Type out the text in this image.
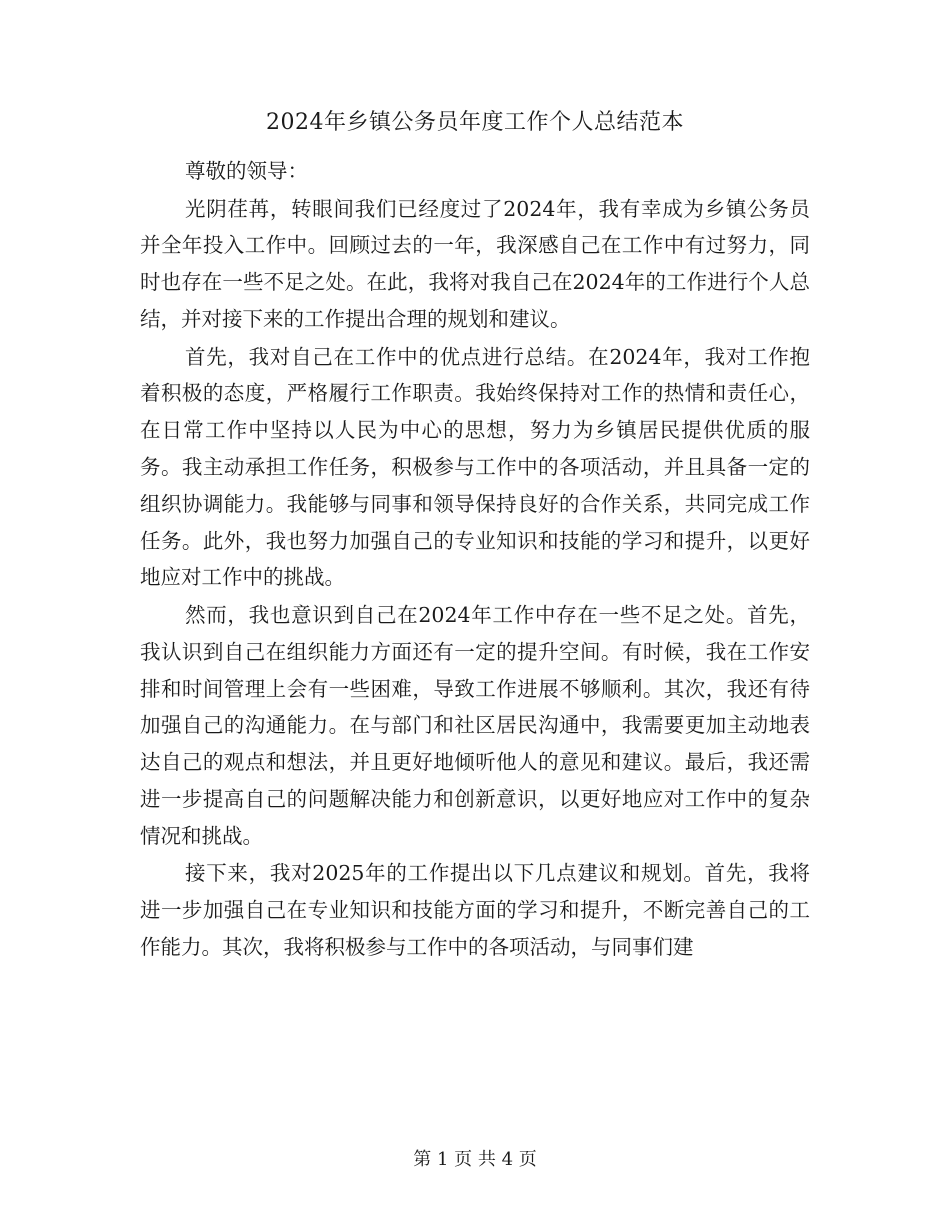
2024年乡镇公务员年度工作个人总结范本

尊敬的领导：

光阴荏苒，转眼间我们已经度过了2024年，我有幸成为乡镇公务员并全年投入工作中。回顾过去的一年，我深感自己在工作中有过努力，同时也存在一些不足之处。在此，我将对我自己在2024年的工作进行个人总结，并对接下来的工作提出合理的规划和建议。

首先，我对自己在工作中的优点进行总结。在2024年，我对工作抱着积极的态度，严格履行工作职责。我始终保持对工作的热情和责任心，在日常工作中坚持以人民为中心的思想，努力为乡镇居民提供优质的服务。我主动承担工作任务，积极参与工作中的各项活动，并且具备一定的组织协调能力。我能够与同事和领导保持良好的合作关系，共同完成工作任务。此外，我也努力加强自己的专业知识和技能的学习和提升，以更好地应对工作中的挑战。

然而，我也意识到自己在2024年工作中存在一些不足之处。首先，我认识到自己在组织能力方面还有一定的提升空间。有时候，我在工作安排和时间管理上会有一些困难，导致工作进展不够顺利。其次，我还有待加强自己的沟通能力。在与部门和社区居民沟通中，我需要更加主动地表达自己的观点和想法，并且更好地倾听他人的意见和建议。最后，我还需进一步提高自己的问题解决能力和创新意识，以更好地应对工作中的复杂情况和挑战。

接下来，我对2025年的工作提出以下几点建议和规划。首先，我将进一步加强自己在专业知识和技能方面的学习和提升，不断完善自己的工作能力。其次，我将积极参与工作中的各项活动，与同事们建

第 1 页 共 4 页
